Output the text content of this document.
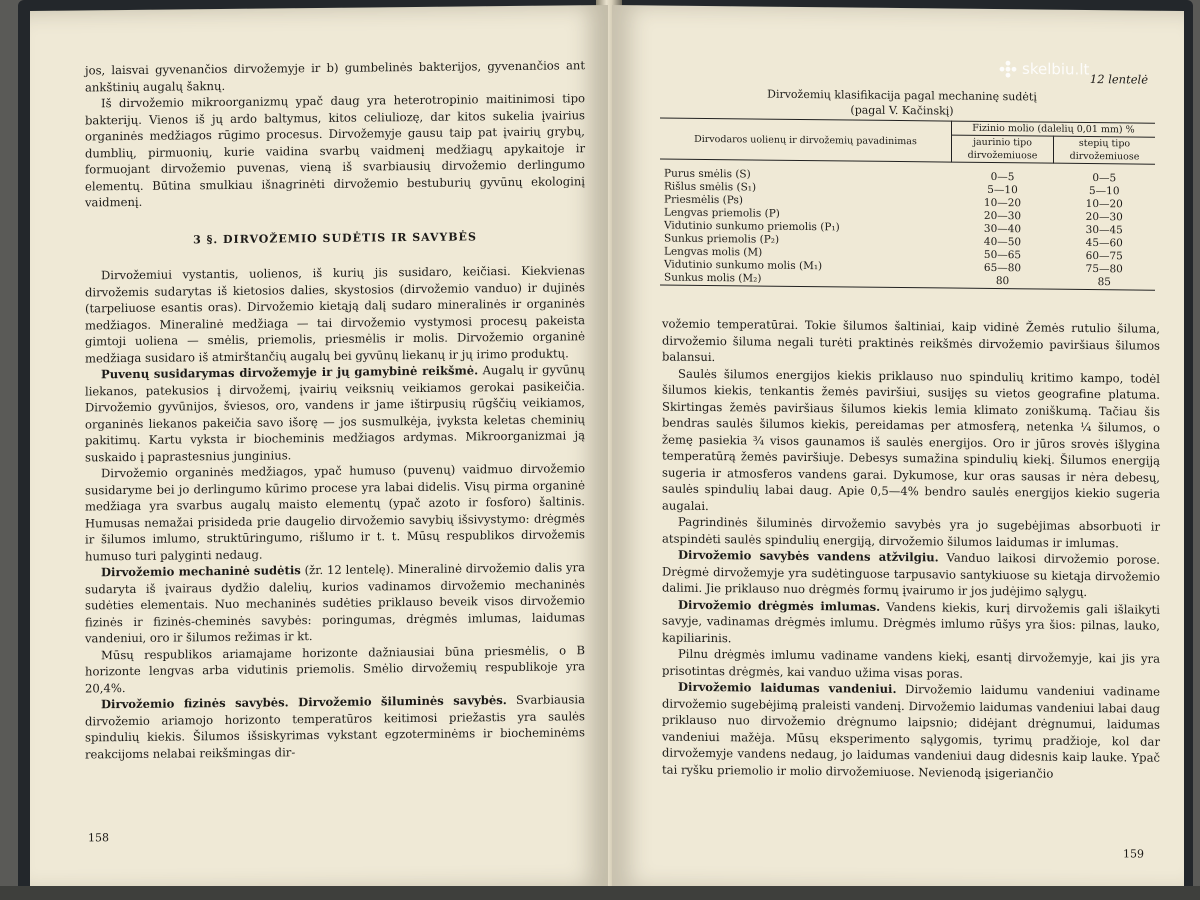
jos, laisvai gyvenančios dirvožemyje ir b) gumbelinės bakterijos, gyvenančios ant ankštinių augalų šaknų.

Iš dirvožemio mikroorganizmų ypač daug yra heterotropinio maitinimosi tipo bakterijų. Vienos iš jų ardo baltymus, kitos celiuliozę, dar kitos sukelia įvairius organinės medžiagos rūgimo procesus. Dirvožemyje gausu taip pat įvairių grybų, dumblių, pirmuonių, kurie vaidina svarbų vaidmenį medžiagų apykaitoje ir formuojant dirvožemio puvenas, vieną iš svarbiausių dirvožemio derlingumo elementų. Būtina smulkiau išnagrinėti dirvožemio bestuburių gyvūnų ekologinį vaidmenį.

3 §. DIRVOŽEMIO SUDĖTIS IR SAVYBĖS

Dirvožemiui vystantis, uolienos, iš kurių jis susidaro, keičiasi. Kiekvienas dirvožemis sudarytas iš kietosios dalies, skystosios (dirvožemio vanduo) ir dujinės (tarpeliuose esantis oras). Dirvožemio kietąją dalį sudaro mineralinės ir organinės medžiagos. Mineralinė medžiaga — tai dirvožemio vystymosi procesų pakeista gimtoji uoliena — smėlis, priemolis, priesmėlis ir molis. Dirvožemio organinė medžiaga susidaro iš atmirštančių augalų bei gyvūnų liekanų ir jų irimo produktų.

Puvenų susidarymas dirvožemyje ir jų gamybinė reikšmė. Augalų ir gyvūnų liekanos, patekusios į dirvožemį, įvairių veiksnių veikiamos gerokai pasikeičia. Dirvožemio gyvūnijos, šviesos, oro, vandens ir jame ištirpusių rūgščių veikiamos, organinės liekanos pakeičia savo išorę — jos susmulkėja, įvyksta keletas cheminių pakitimų. Kartu vyksta ir biocheminis medžiagos ardymas. Mikroorganizmai ją suskaido į paprastesnius junginius.

Dirvožemio organinės medžiagos, ypač humuso (puvenų) vaidmuo dirvožemio susidaryme bei jo derlingumo kūrimo procese yra labai didelis. Visų pirma organinė medžiaga yra svarbus augalų maisto elementų (ypač azoto ir fosforo) šaltinis. Humusas nemažai prisideda prie daugelio dirvožemio savybių išsivystymo: drėgmės ir šilumos imlumo, struktūringumo, rišlumo ir t. t. Mūsų respublikos dirvožemis humuso turi palyginti nedaug.

Dirvožemio mechaninė sudėtis (žr. 12 lentelę). Mineralinė dirvožemio dalis yra sudaryta iš įvairaus dydžio dalelių, kurios vadinamos dirvožemio mechaninės sudėties elementais. Nuo mechaninės sudėties priklauso beveik visos dirvožemio fizinės ir fizinės-cheminės savybės: poringumas, drėgmės imlumas, laidumas vandeniui, oro ir šilumos režimas ir kt.

Mūsų respublikos ariamajame horizonte dažniausiai būna priesmėlis, o B horizonte lengvas arba vidutinis priemolis. Smėlio dirvožemių respublikoje yra 20,4%.

Dirvožemio fizinės savybės. Dirvožemio šiluminės savybės. Svarbiausia dirvožemio ariamojo horizonto temperatūros keitimosi priežastis yra saulės spindulių kiekis. Šilumos išsiskyrimas vykstant egzoterminėms ir biocheminėms reakcijoms nelabai reikšmingas dir-

158
12 lentelė
Dirvožemių klasifikacija pagal mechaninę sudėtį
(pagal V. Kačinskį)
Dirvodaros uolienų ir dirvožemių pavadinimas	Fizinio molio (dalelių 0,01 mm) %	
	jaurinio tipo dirvožemiuose	stepių tipo dirvožemiuose
Purus smėlis (S)	0—5	0—5
Rišlus smėlis (S₁)	5—10	5—10
Priesmėlis (Ps)	10—20	10—20
Lengvas priemolis (P)	20—30	20—30
Vidutinio sunkumo priemolis (P₁)	30—40	30—45
Sunkus priemolis (P₂)	40—50	45—60
Lengvas molis (M)	50—65	60—75
Vidutinio sunkumo molis (M₁)	65—80	75—80
Sunkus molis (M₂)	80	85

vožemio temperatūrai. Tokie šilumos šaltiniai, kaip vidinė Žemės rutulio šiluma, dirvožemio šiluma negali turėti praktinės reikšmės dirvožemio paviršiaus šilumos balansui.

Saulės šilumos energijos kiekis priklauso nuo spindulių kritimo kampo, todėl šilumos kiekis, tenkantis žemės paviršiui, susijęs su vietos geografine platuma. Skirtingas žemės paviršiaus šilumos kiekis lemia klimato zoniškumą. Tačiau šis bendras saulės šilumos kiekis, pereidamas per atmosferą, netenka ¼ šilumos, o žemę pasiekia ¾ visos gaunamos iš saulės energijos. Oro ir jūros srovės išlygina temperatūrą žemės paviršiuje. Debesys sumažina spindulių kiekį. Šilumos energiją sugeria ir atmosferos vandens garai. Dykumose, kur oras sausas ir nėra debesų, saulės spindulių labai daug. Apie 0,5—4% bendro saulės energijos kiekio sugeria augalai.

Pagrindinės šiluminės dirvožemio savybės yra jo sugebėjimas absorbuoti ir atspindėti saulės spindulių energiją, dirvožemio šilumos laidumas ir imlumas.

Dirvožemio savybės vandens atžvilgiu. Vanduo laikosi dirvožemio porose. Drėgmė dirvožemyje yra sudėtinguose tarpusavio santykiuose su kietąja dirvožemio dalimi. Jie priklauso nuo drėgmės formų įvairumo ir jos judėjimo sąlygų.

Dirvožemio drėgmės imlumas. Vandens kiekis, kurį dirvožemis gali išlaikyti savyje, vadinamas drėgmės imlumu. Drėgmės imlumo rūšys yra šios: pilnas, lauko, kapiliarinis.

Pilnu drėgmės imlumu vadiname vandens kiekį, esantį dirvožemyje, kai jis yra prisotintas drėgmės, kai vanduo užima visas poras.

Dirvožemio laidumas vandeniui. Dirvožemio laidumu vandeniui vadiname dirvožemio sugebėjimą praleisti vandenį. Dirvožemio laidumas vandeniui labai daug priklauso nuo dirvožemio drėgnumo laipsnio; didėjant drėgnumui, laidumas vandeniui mažėja. Mūsų eksperimento sąlygomis, tyrimų pradžioje, kol dar dirvožemyje vandens nedaug, jo laidumas vandeniui daug didesnis kaip lauke. Ypač tai ryšku priemolio ir molio dirvožemiuose. Nevienodą įsigeriančio

159
skelbiu.lt
